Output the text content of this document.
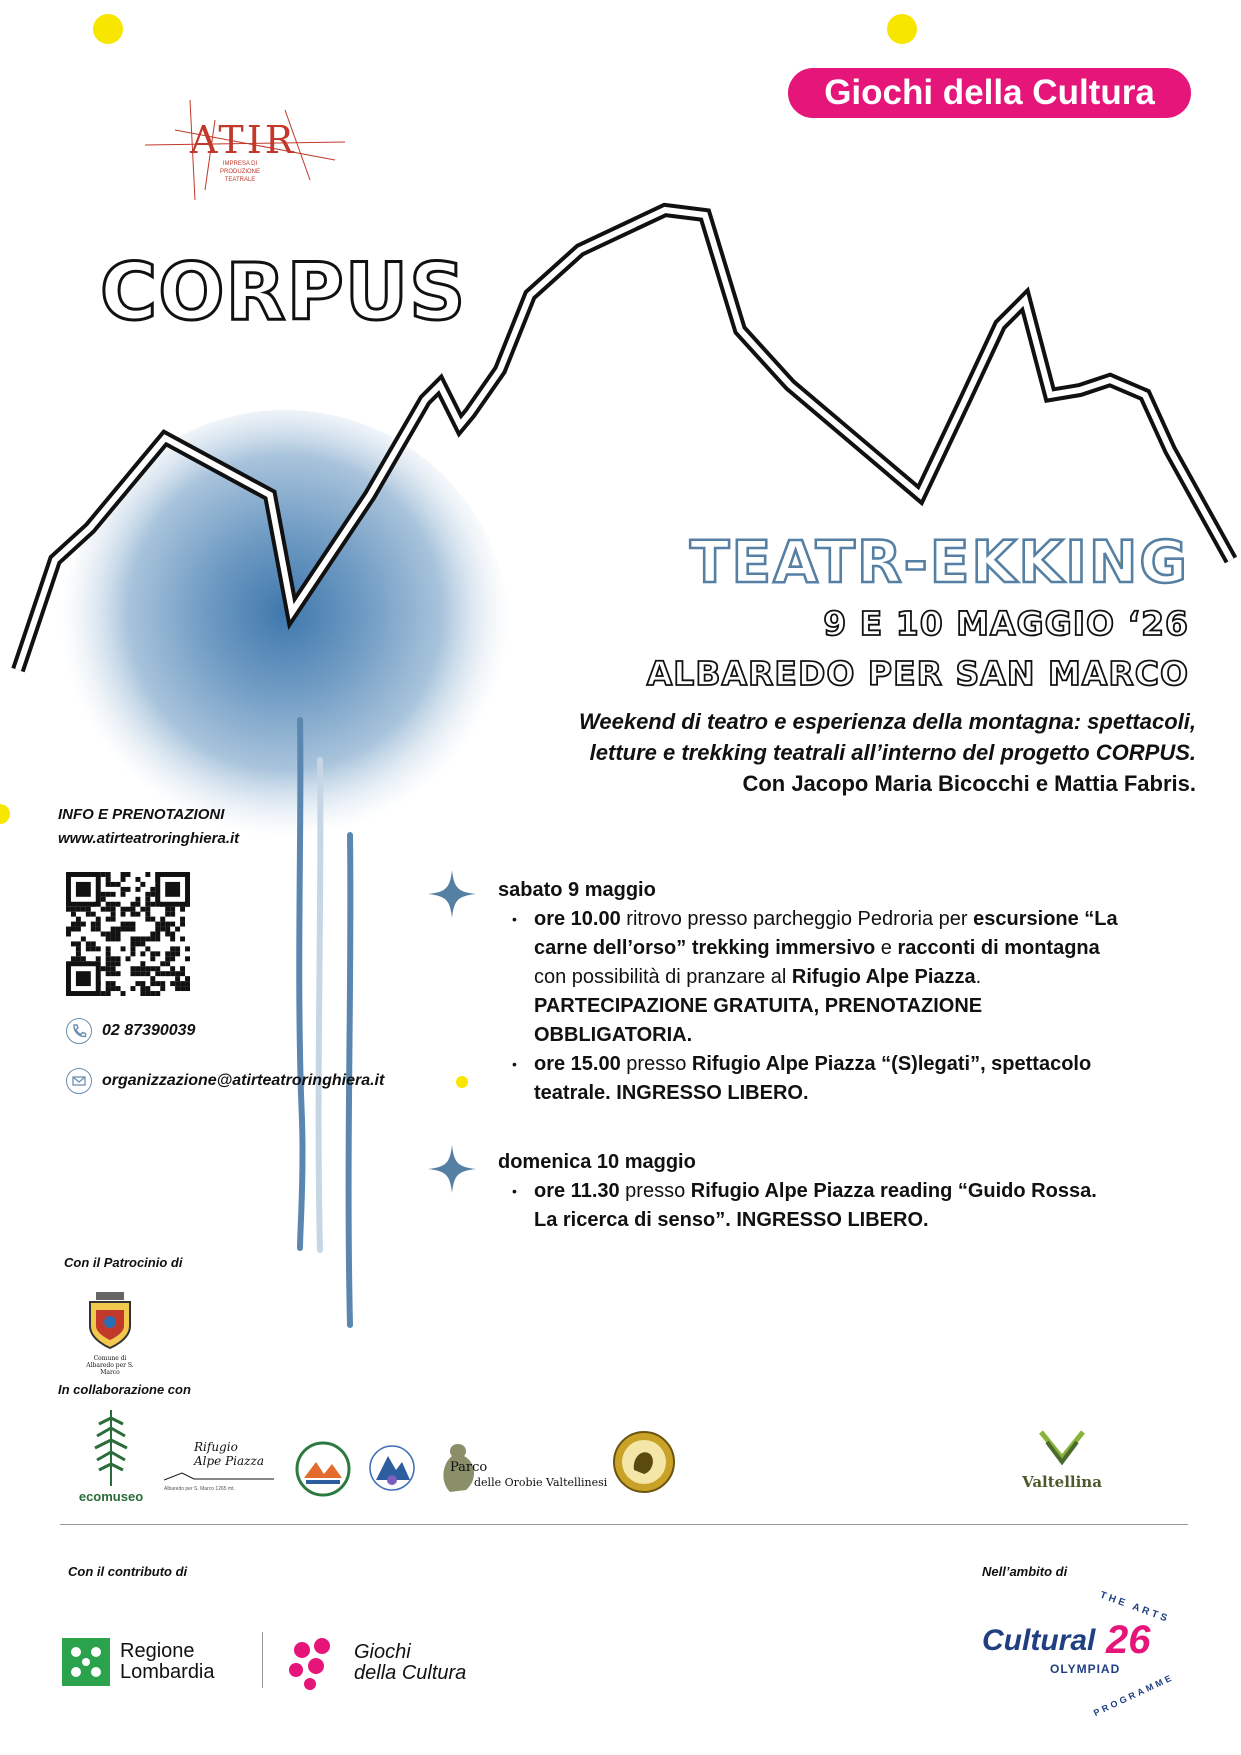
Giochi della Cultura
ATIR
IMPRESA DI
PRODUZIONE
TEATRALE
CORPUS
TEATR-EKKING
9 E 10 MAGGIO ‘26
ALBAREDO PER SAN MARCO
Weekend di teatro e esperienza della montagna: spettacoli,
letture e trekking teatrali all’interno del progetto CORPUS.
Con Jacopo Maria Bicocchi e Mattia Fabris.
INFO E PRENOTAZIONI
www.atirteatroringhiera.it
02 87390039
organizzazione@atirteatroringhiera.it
sabato 9 maggio
• ore 10.00 ritrovo presso parcheggio Pedroria per escursione “La
carne dell’orso” trekking immersivo e racconti di montagna
con possibilità di pranzare al Rifugio Alpe Piazza.
PARTECIPAZIONE GRATUITA, PRENOTAZIONE
OBBLIGATORIA.
• ore 15.00 presso Rifugio Alpe Piazza “(S)legati”, spettacolo
teatrale. INGRESSO LIBERO.
domenica 10 maggio
• ore 11.30 presso Rifugio Alpe Piazza reading “Guido Rossa.
La ricerca di senso”. INGRESSO LIBERO.
Con il Patrocinio di
Comune di
Albaredo per S. Marco
In collaborazione con
ecomuseo
Rifugio
Alpe Piazza
Albaredo per S. Marco 1265 mt.
Parco
delle Orobie Valtellinesi	Valtellina
Con il contributo di	Nell’ambito di
Regione
Lombardia
Giochi
della Cultura
Cultural 26
OLYMPIAD
THE ARTS
PROGRAMME
